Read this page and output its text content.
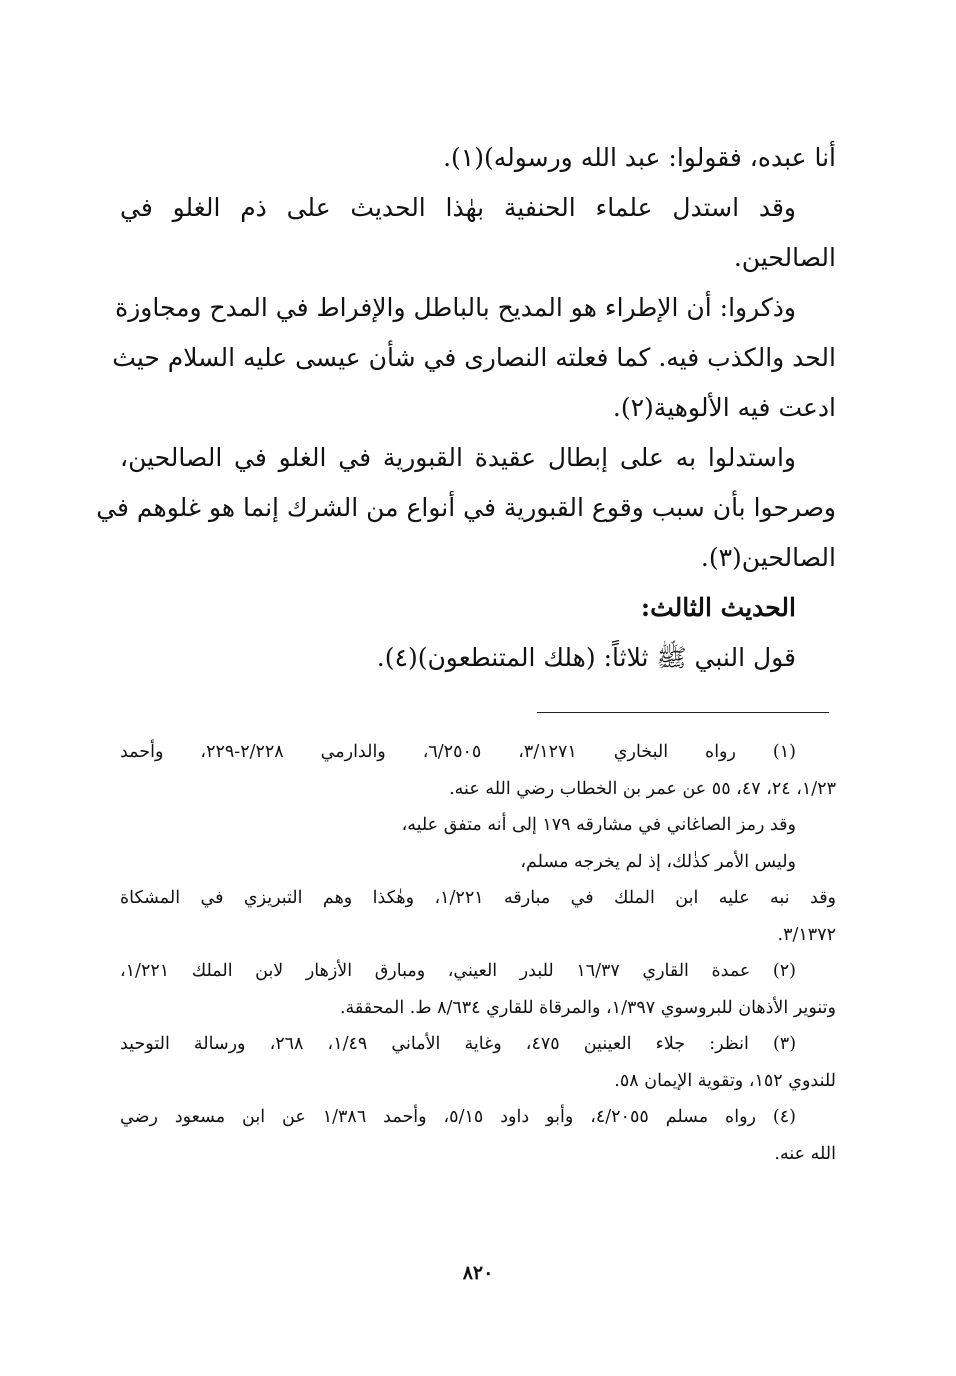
أنا عبده، فقولوا: عبد الله ورسوله)(١).
وقد استدل علماء الحنفية بهٰذا الحديث على ذم الغلو في
الصالحين.
وذكروا: أن الإطراء هو المديح بالباطل والإفراط في المدح ومجاوزة
الحد والكذب فيه. كما فعلته النصارى في شأن عيسى عليه السلام حيث
ادعت فيه الألوهية(٢).
واستدلوا به على إبطال عقيدة القبورية في الغلو في الصالحين،
وصرحوا بأن سبب وقوع القبورية في أنواع من الشرك إنما هو غلوهم في
الصالحين(٣).
الحديث الثالث:
قول النبي ﷺ ثلاثاً: (هلك المتنطعون)(٤).
(١) رواه البخاري ٣/١٢٧١، ٦/٢٥٠٥، والدارمي ٢/٢٢٨-٢٢٩، وأحمد
١/٢٣، ٢٤، ٤٧، ٥٥ عن عمر بن الخطاب رضي الله عنه.
وقد رمز الصاغاني في مشارقه ١٧٩ إلى أنه متفق عليه،
وليس الأمر كذٰلك، إذ لم يخرجه مسلم،
وقد نبه عليه ابن الملك في مبارقه ١/٢٢١، وهٰكذا وهم التبريزي في المشكاة
٣/١٣٧٢.
(٢) عمدة القاري ١٦/٣٧ للبدر العيني، ومبارق الأزهار لابن الملك ١/٢٢١،
وتنوير الأذهان للبروسوي ١/٣٩٧، والمرقاة للقاري ٨/٦٣٤ ط. المحققة.
(٣) انظر: جلاء العينين ٤٧٥، وغاية الأماني ١/٤٩، ٢٦٨، ورسالة التوحيد
للندوي ١٥٢، وتقوية الإيمان ٥٨.
(٤) رواه مسلم ٤/٢٠٥٥، وأبو داود ٥/١٥، وأحمد ١/٣٨٦ عن ابن مسعود رضي
الله عنه.
٨٢٠
